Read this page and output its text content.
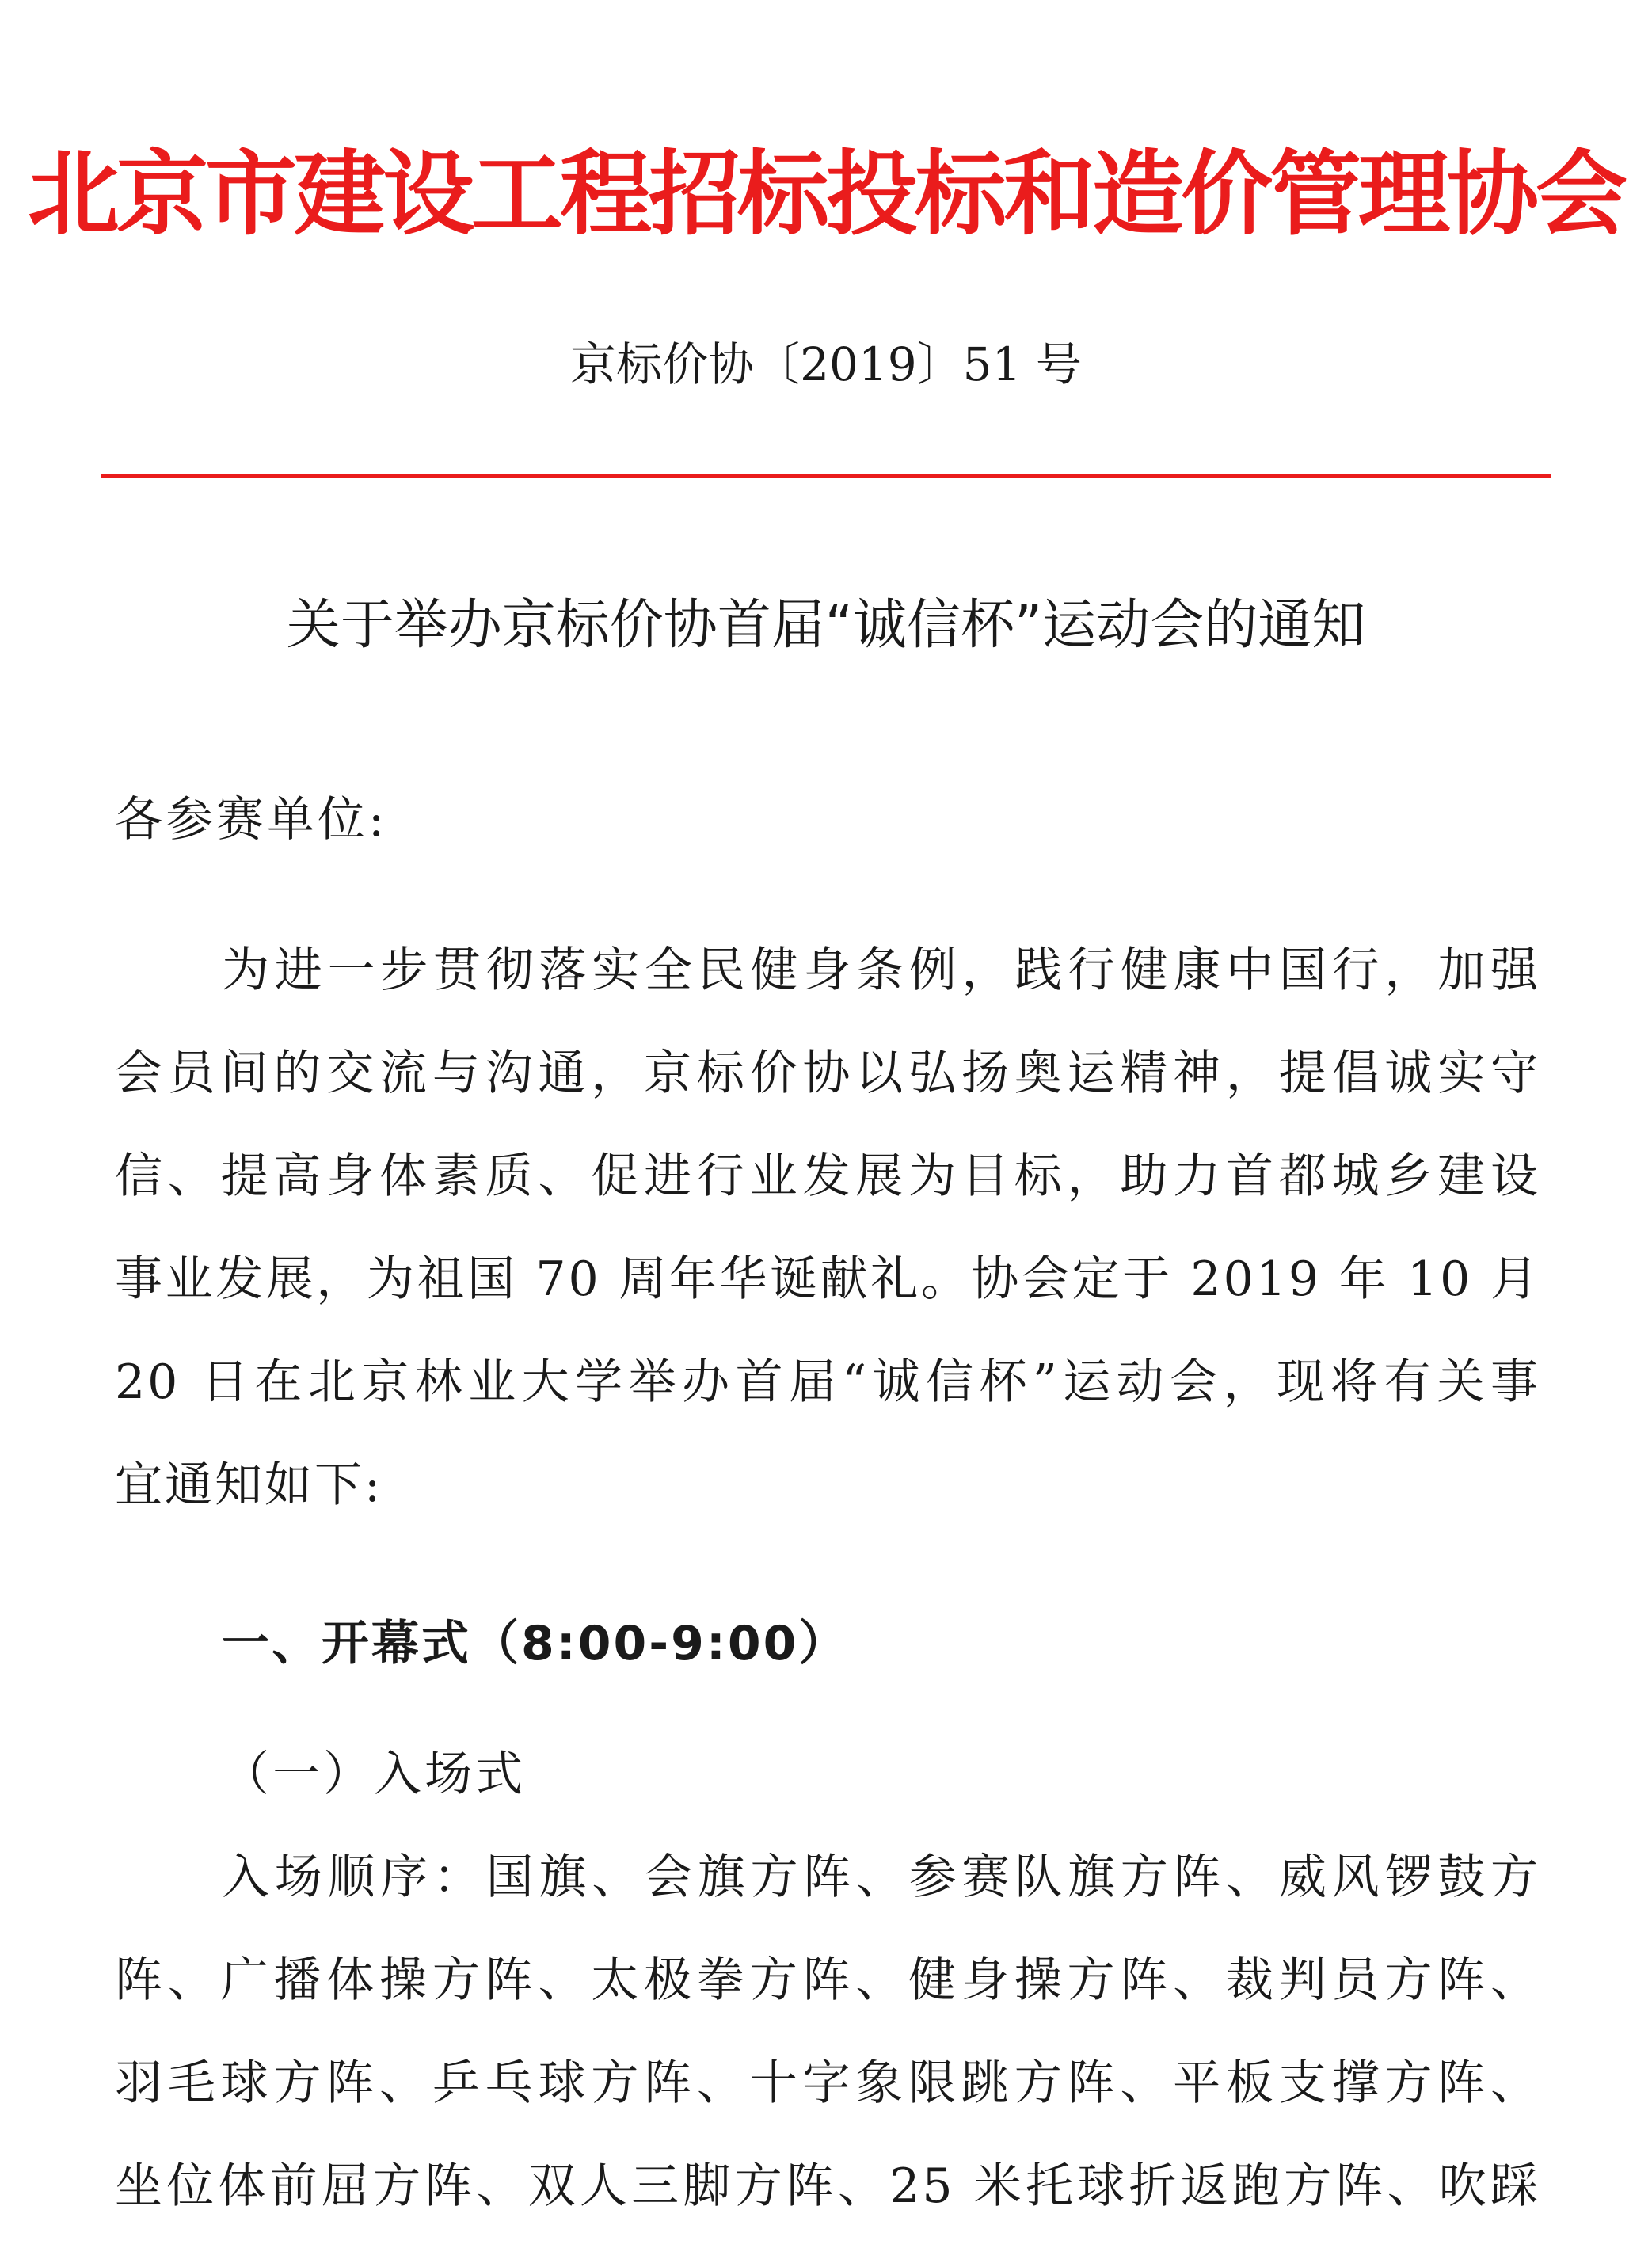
北京市建设工程招标投标和造价管理协会
京标价协〔2019〕51 号
关于举办京标价协首届“诚信杯”运动会的通知
各参赛单位:
为进一步贯彻落实全民健身条例，践行健康中国行，加强
会员间的交流与沟通，京标价协以弘扬奥运精神，提倡诚实守
信、提高身体素质、促进行业发展为目标，助力首都城乡建设
事业发展，为祖国 70 周年华诞献礼。协会定于 2019 年 10 月
20 日在北京林业大学举办首届“诚信杯”运动会，现将有关事
宜通知如下:
一、开幕式（8:00-9:00）
（一）入场式
入场顺序：国旗、会旗方阵、参赛队旗方阵、威风锣鼓方
阵、广播体操方阵、太极拳方阵、健身操方阵、裁判员方阵、
羽毛球方阵、乒乓球方阵、十字象限跳方阵、平板支撑方阵、
坐位体前屈方阵、双人三脚方阵、25 米托球折返跑方阵、吹踩
